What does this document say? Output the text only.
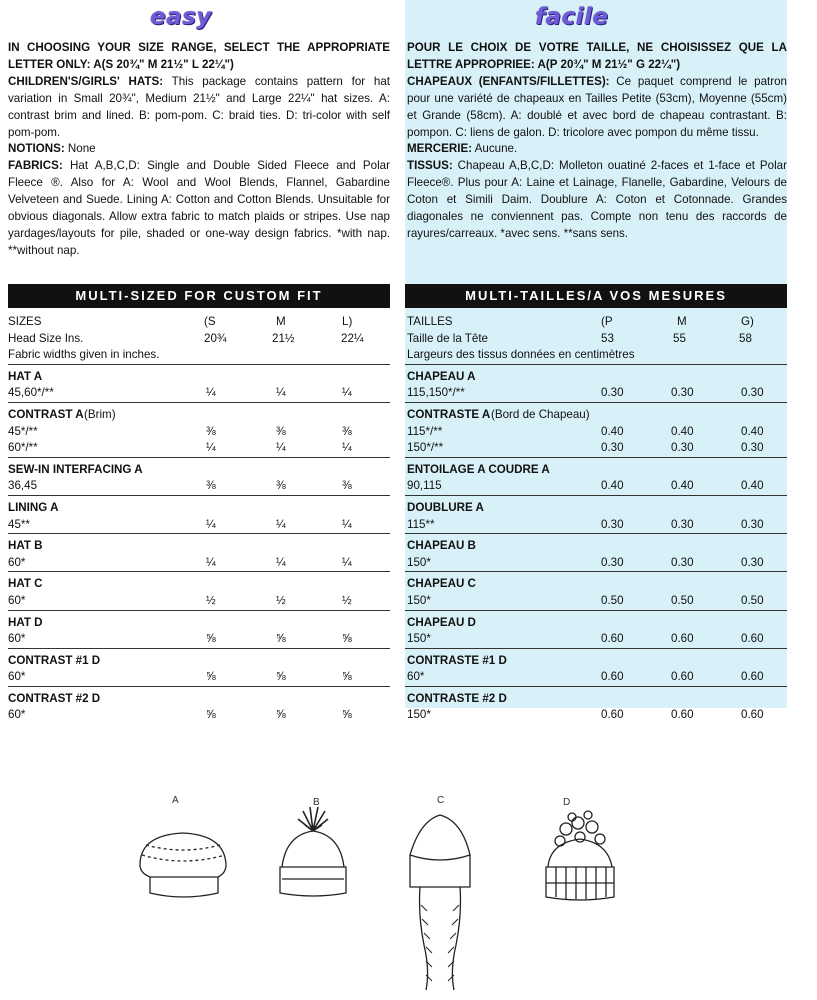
easy

IN CHOOSING YOUR SIZE RANGE, SELECT THE APPROPRIATE LETTER ONLY: A(S 20¾" M 21½" L 22¼")

CHILDREN'S/GIRLS' HATS: This package contains pattern for hat variation in Small 20¾", Medium 21½" and Large 22¼" hat sizes. A: contrast brim and lined. B: pom-pom. C: braid ties. D: tri-color with self pom-pom.

NOTIONS: None

FABRICS: Hat A,B,C,D: Single and Double Sided Fleece and Polar Fleece ®. Also for A: Wool and Wool Blends, Flannel, Gabardine Velveteen and Suede. Lining A: Cotton and Cotton Blends. Unsuitable for obvious diagonals. Allow extra fabric to match plaids or stripes. Use nap yardages/layouts for pile, shaded or one-way design fabrics. *with nap. **without nap.

MULTI-SIZED FOR CUSTOM FIT
SIZES	(S	M	L)
Head Size Ins.	20¾	21½	22¼
Fabric widths given in inches.
HAT A
45,60*/**	¼	¼	¼
CONTRAST A (Brim)
45*/**	⅜	⅜	⅜
60*/**	¼	¼	¼
SEW-IN INTERFACING A
36,45	⅜	⅜	⅜
LINING A
45**	¼	¼	¼
HAT B
60*	¼	¼	¼
HAT C
60*	½	½	½
HAT D
60*	⅝	⅝	⅝
CONTRAST #1 D
60*	⅝	⅝	⅝
CONTRAST #2 D
60*	⅝	⅝	⅝
facile

POUR LE CHOIX DE VOTRE TAILLE, NE CHOISISSEZ QUE LA LETTRE APPROPRIEE: A(P 20¾" M 21½" G 22¼")

CHAPEAUX (ENFANTS/FILLETTES): Ce paquet comprend le patron pour une variété de chapeaux en Tailles Petite (53cm), Moyenne (55cm) et Grande (58cm). A: doublé et avec bord de chapeau contrastant. B: pompon. C: liens de galon. D: tricolore avec pompon du même tissu.

MERCERIE: Aucune.

TISSUS: Chapeau A,B,C,D: Molleton ouatiné 2-faces et 1-face et Polar Fleece®. Plus pour A: Laine et Lainage, Flanelle, Gabardine, Velours de Coton et Simili Daim. Doublure A: Coton et Cotonnade. Grandes diagonales ne conviennent pas. Compte non tenu des raccords de rayures/carreaux. *avec sens. **sans sens.

MULTI-TAILLES/A VOS MESURES
TAILLES	(P	M	G)
Taille de la Tête	53	55	58
Largeurs des tissus données en centimètres
CHAPEAU A
115,150*/**	0.30	0.30	0.30
CONTRASTE A (Bord de Chapeau)
115*/**	0.40	0.40	0.40
150*/**	0.30	0.30	0.30
ENTOILAGE A COUDRE A
90,115	0.40	0.40	0.40
DOUBLURE A
115**	0.30	0.30	0.30
CHAPEAU B
150*	0.30	0.30	0.30
CHAPEAU C
150*	0.50	0.50	0.50
CHAPEAU D
150*	0.60	0.60	0.60
CONTRASTE #1 D
60*	0.60	0.60	0.60
CONTRASTE #2 D
150*	0.60	0.60	0.60
A	B	C	D
